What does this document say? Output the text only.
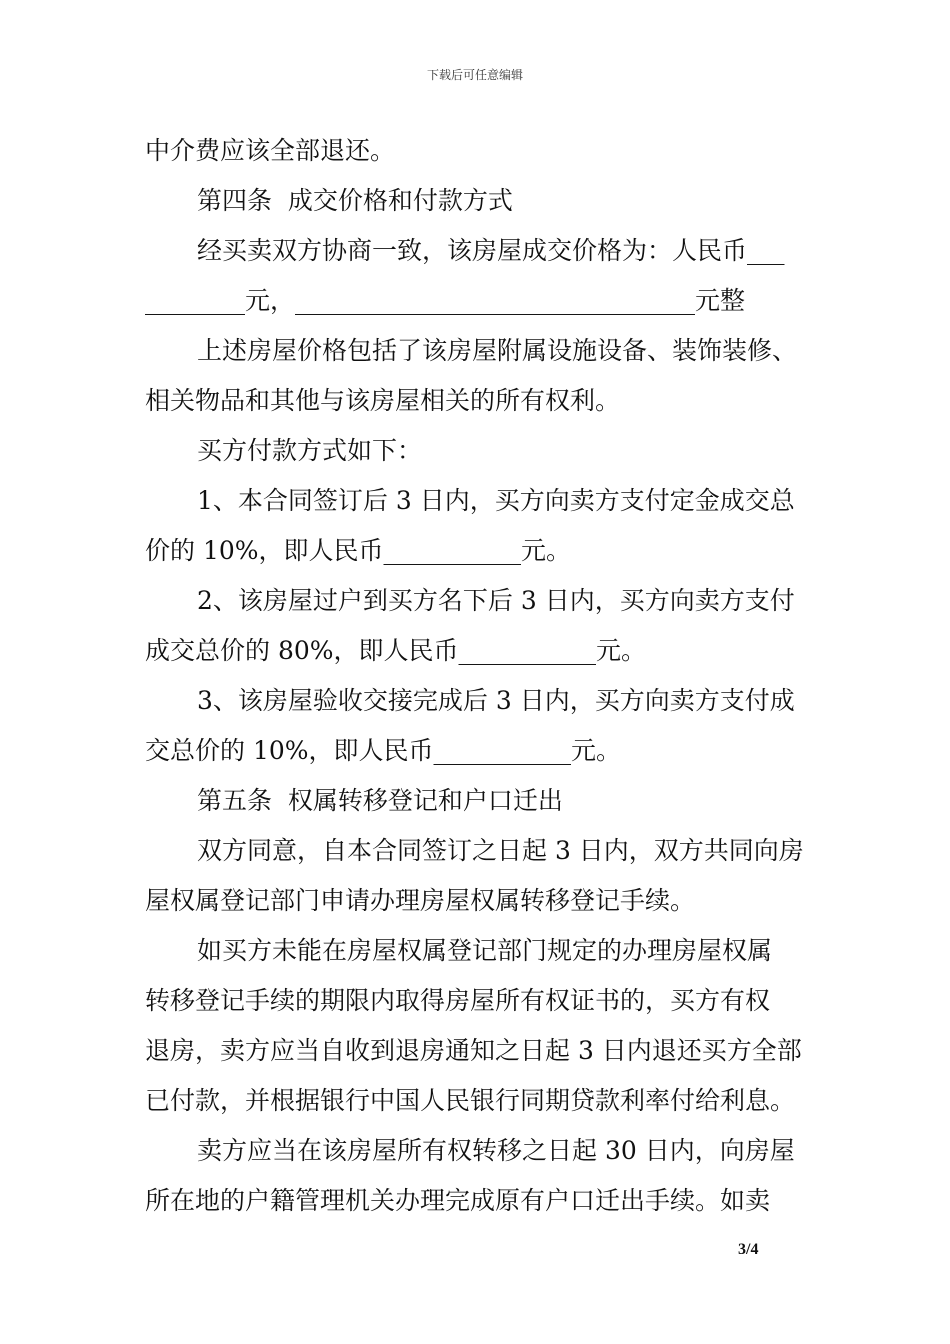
下载后可任意编辑
中介费应该全部退还。
第四条  成交价格和付款方式
经买卖双方协商一致，该房屋成交价格为：人民币___
________元，________________________________元整
上述房屋价格包括了该房屋附属设施设备、装饰装修、
相关物品和其他与该房屋相关的所有权利。
买方付款方式如下：
1、本合同签订后 3 日内，买方向卖方支付定金成交总
价的 10%，即人民币___________元。
2、该房屋过户到买方名下后 3 日内，买方向卖方支付
成交总价的 80%，即人民币___________元。
3、该房屋验收交接完成后 3 日内，买方向卖方支付成
交总价的 10%，即人民币___________元。
第五条  权属转移登记和户口迁出
双方同意，自本合同签订之日起 3 日内，双方共同向房
屋权属登记部门申请办理房屋权属转移登记手续。
如买方未能在房屋权属登记部门规定的办理房屋权属
转移登记手续的期限内取得房屋所有权证书的，买方有权
退房，卖方应当自收到退房通知之日起 3 日内退还买方全部
已付款，并根据银行中国人民银行同期贷款利率付给利息。
卖方应当在该房屋所有权转移之日起 30 日内，向房屋
所在地的户籍管理机关办理完成原有户口迁出手续。如卖
3/4
